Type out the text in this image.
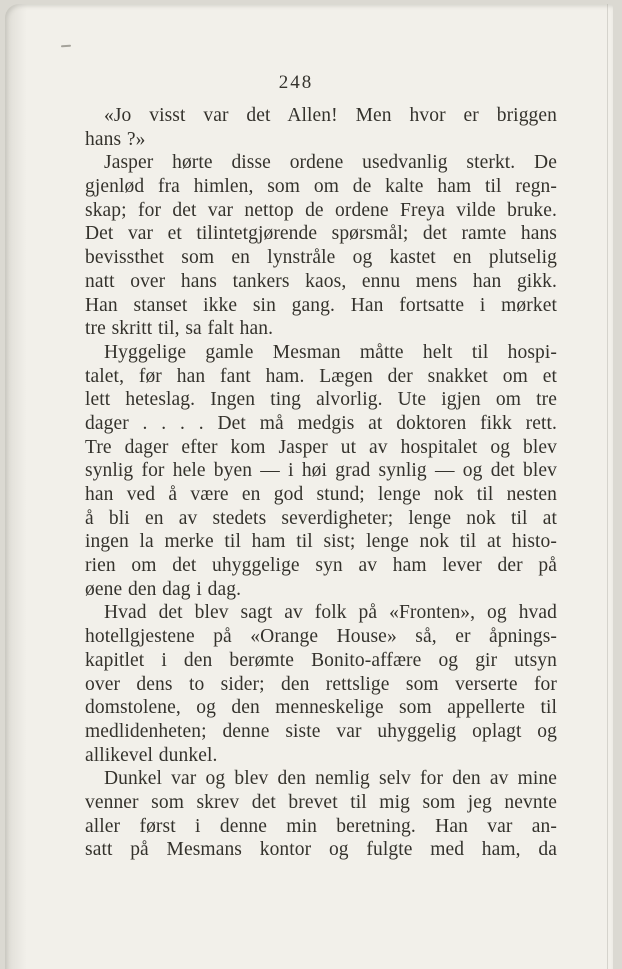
248
«Jo visst var det Allen! Men hvor er briggen
hans ?»
Jasper hørte disse ordene usedvanlig sterkt. De
gjenlød fra himlen, som om de kalte ham til regn-
skap; for det var nettop de ordene Freya vilde bruke.
Det var et tilintetgjørende spørsmål; det ramte hans
bevissthet som en lynstråle og kastet en plutselig
natt over hans tankers kaos, ennu mens han gikk.
Han stanset ikke sin gang. Han fortsatte i mørket
tre skritt til, sa falt han.
Hyggelige gamle Mesman måtte helt til hospi-
talet, før han fant ham. Lægen der snakket om et
lett heteslag. Ingen ting alvorlig. Ute igjen om tre
dager . . . . Det må medgis at doktoren fikk rett.
Tre dager efter kom Jasper ut av hospitalet og blev
synlig for hele byen — i høi grad synlig — og det blev
han ved å være en god stund; lenge nok til nesten
å bli en av stedets severdigheter; lenge nok til at
ingen la merke til ham til sist; lenge nok til at histo-
rien om det uhyggelige syn av ham lever der på
øene den dag i dag.
Hvad det blev sagt av folk på «Fronten», og hvad
hotellgjestene på «Orange House» så, er åpnings-
kapitlet i den berømte Bonito-affære og gir utsyn
over dens to sider; den rettslige som verserte for
domstolene, og den menneskelige som appellerte til
medlidenheten; denne siste var uhyggelig oplagt og
allikevel dunkel.
Dunkel var og blev den nemlig selv for den av mine
venner som skrev det brevet til mig som jeg nevnte
aller først i denne min beretning. Han var an-
satt på Mesmans kontor og fulgte med ham, da
